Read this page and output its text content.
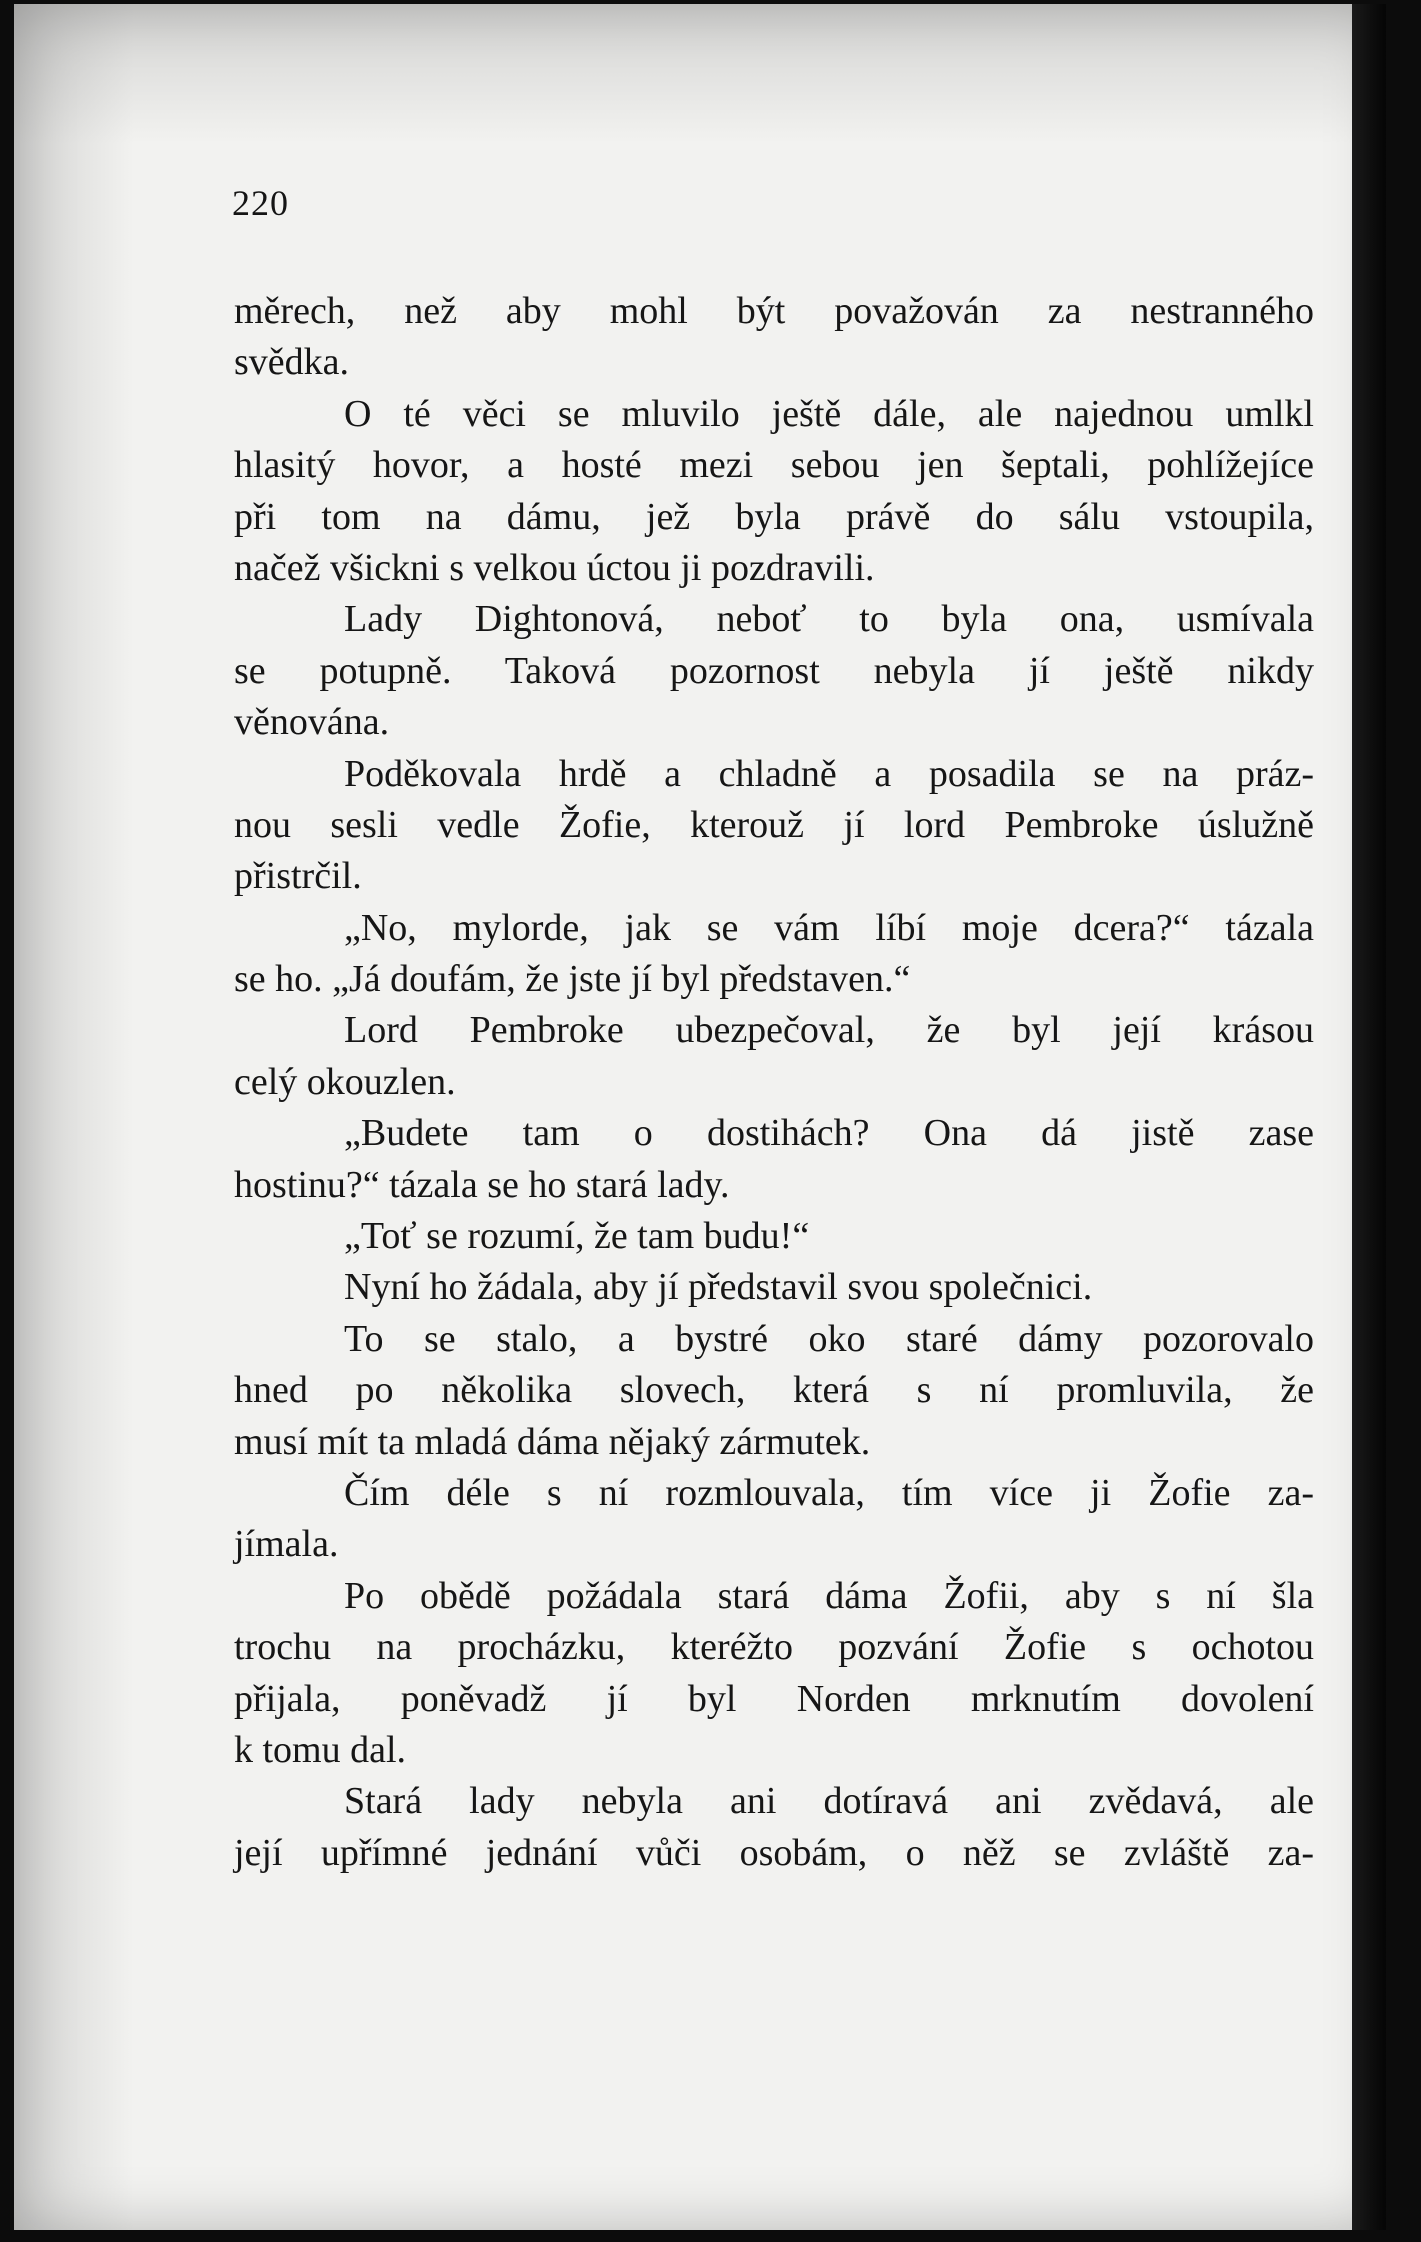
220
měrech, než aby mohl být považován za nestranného
svědka.
O té věci se mluvilo ještě dále, ale najednou umlkl
hlasitý hovor, a hosté mezi sebou jen šeptali, pohlížejíce
při tom na dámu, jež byla právě do sálu vstoupila,
načež všickni s velkou úctou ji pozdravili.
Lady Dightonová, neboť to byla ona, usmívala
se potupně. Taková pozornost nebyla jí ještě nikdy
věnována.
Poděkovala hrdě a chladně a posadila se na práz-
nou sesli vedle Žofie, kterouž jí lord Pembroke úslužně
přistrčil.
„No, mylorde, jak se vám líbí moje dcera?“ tázala
se ho. „Já doufám, že jste jí byl představen.“
Lord Pembroke ubezpečoval, že byl její krásou
celý okouzlen.
„Budete tam o dostihách? Ona dá jistě zase
hostinu?“ tázala se ho stará lady.
„Toť se rozumí, že tam budu!“
Nyní ho žádala, aby jí představil svou společnici.
To se stalo, a bystré oko staré dámy pozorovalo
hned po několika slovech, která s ní promluvila, že
musí mít ta mladá dáma nějaký zármutek.
Čím déle s ní rozmlouvala, tím více ji Žofie za-
jímala.
Po obědě požádala stará dáma Žofii, aby s ní šla
trochu na procházku, kteréžto pozvání Žofie s ochotou
přijala, poněvadž jí byl Norden mrknutím dovolení
k tomu dal.
Stará lady nebyla ani dotíravá ani zvědavá, ale
její upřímné jednání vůči osobám, o něž se zvláště za-
